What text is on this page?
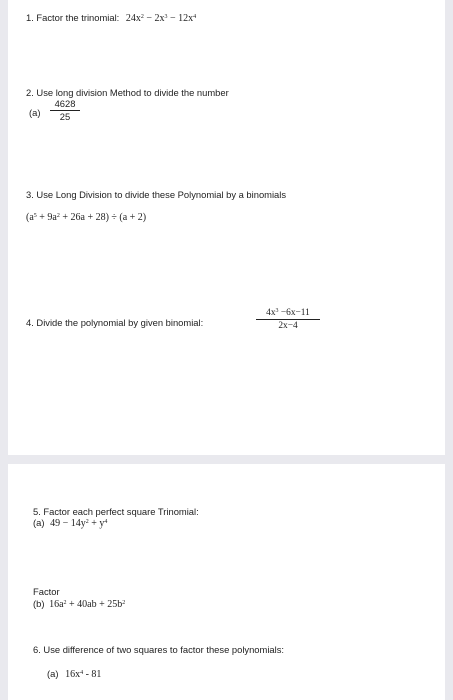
1. Factor the trinomial: $24x^2 - 2x^3 - 12x^4$
2. Use long division Method to divide the number
(a)
4628
25
3. Use Long Division to divide these Polynomial by a binomials
$(a^5 + 9a^2 + 26a + 28) \div (a + 2)$
4. Divide the polynomial by given binomial:
$4x^3 -6x-11$
2x−4
5. Factor each perfect square Trinomial:
(a) $49 - 14y^2 + y^4$
Factor
(b) $16a^2 + 40ab + 25b^2$
6. Use difference of two squares to factor these polynomials:
(a) $16x^4 - 81$
